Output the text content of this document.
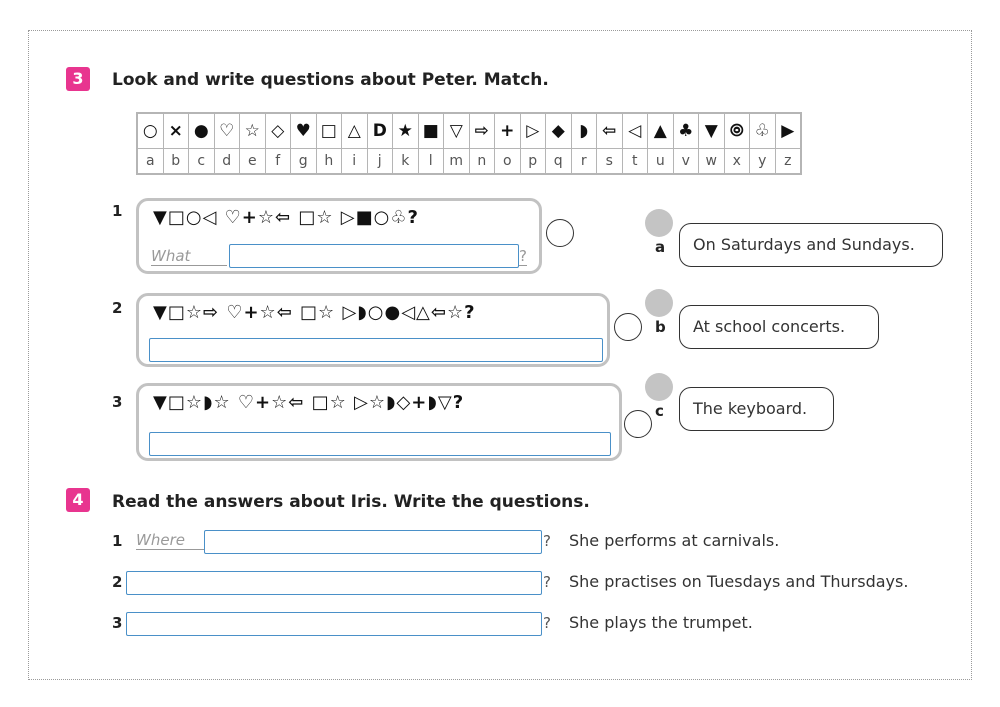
3	Look and write questions about Peter. Match.
○	×	●	♡	☆	◇	♥	□	△	D	★	■	▽	⇨	+	▷	◆	◗	⇦	◁	▲	♣	▼	⦾	♧	▶
a	b	c	d	e	f	g	h	i	j	k	l	m	n	o	p	q	r	s	t	u	v	w	x	y	z
1 ▼□○◁ ♡+☆⇦ □☆ ▷■○♧?
What	?
2 ▼□☆⇨ ♡+☆⇦ □☆ ▷◗○●◁△⇦☆?
3 ▼□☆◗☆ ♡+☆⇦ □☆ ▷☆◗◇+◗▽?
a	On Saturdays and Sundays.
b	At school concerts.
c	The keyboard.
4	Read the answers about Iris. Write the questions.
1 Where	? She performs at carnivals.
2	? She practises on Tuesdays and Thursdays.
3	? She plays the trumpet.
